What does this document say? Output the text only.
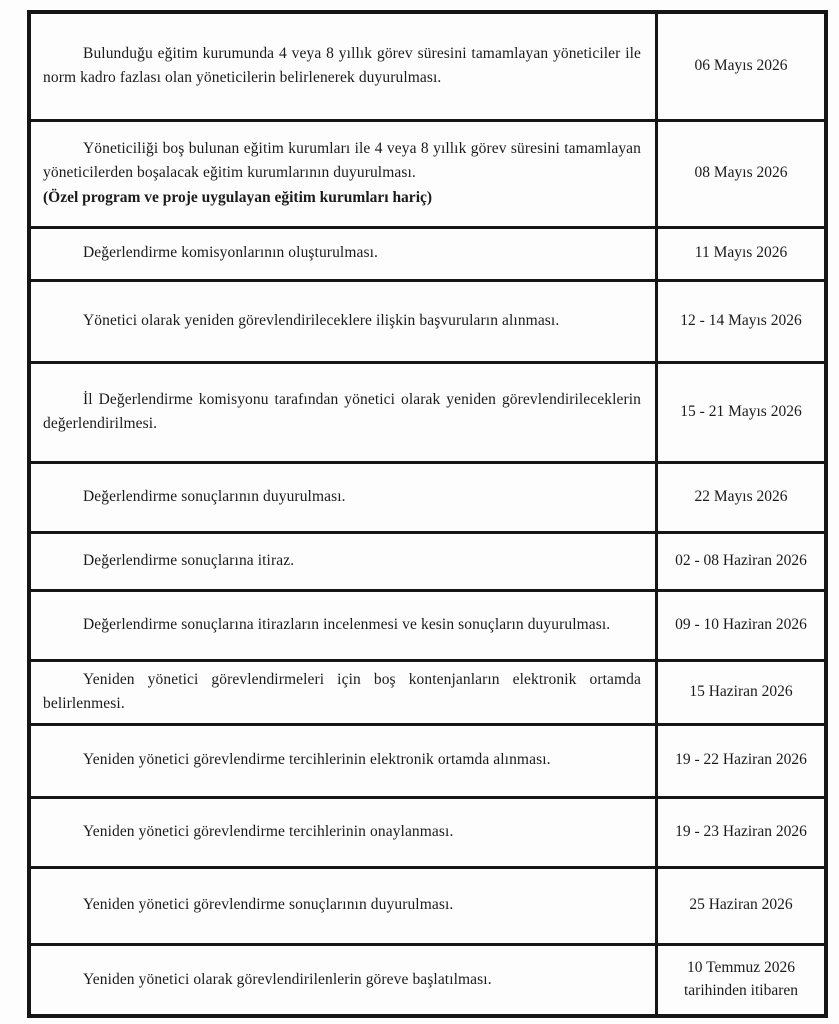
Bulunduğu eğitim kurumunda 4 veya 8 yıllık görev süresini tamamlayan yöneticiler ile norm kadro fazlası olan yöneticilerin belirlenerek duyurulması.	06 Mayıs 2026

Yöneticiliği boş bulunan eğitim kurumları ile 4 veya 8 yıllık görev süresini tamamlayan yöneticilerden boşalacak eğitim kurumlarının duyurulması.

(Özel program ve proje uygulayan eğitim kurumları hariç)	08 Mayıs 2026

Değerlendirme komisyonlarının oluşturulması.	11 Mayıs 2026

Yönetici olarak yeniden görevlendirileceklere ilişkin başvuruların alınması.	12 - 14 Mayıs 2026

İl Değerlendirme komisyonu tarafından yönetici olarak yeniden görevlendirileceklerin değerlendirilmesi.	15 - 21 Mayıs 2026

Değerlendirme sonuçlarının duyurulması.	22 Mayıs 2026

Değerlendirme sonuçlarına itiraz.	02 - 08 Haziran 2026

Değerlendirme sonuçlarına itirazların incelenmesi ve kesin sonuçların duyurulması.	09 - 10 Haziran 2026

Yeniden yönetici görevlendirmeleri için boş kontenjanların elektronik ortamda belirlenmesi.	15 Haziran 2026

Yeniden yönetici görevlendirme tercihlerinin elektronik ortamda alınması.	19 - 22 Haziran 2026

Yeniden yönetici görevlendirme tercihlerinin onaylanması.	19 - 23 Haziran 2026

Yeniden yönetici görevlendirme sonuçlarının duyurulması.	25 Haziran 2026

Yeniden yönetici olarak görevlendirilenlerin göreve başlatılması.	10 Temmuz 2026
tarihinden itibaren
